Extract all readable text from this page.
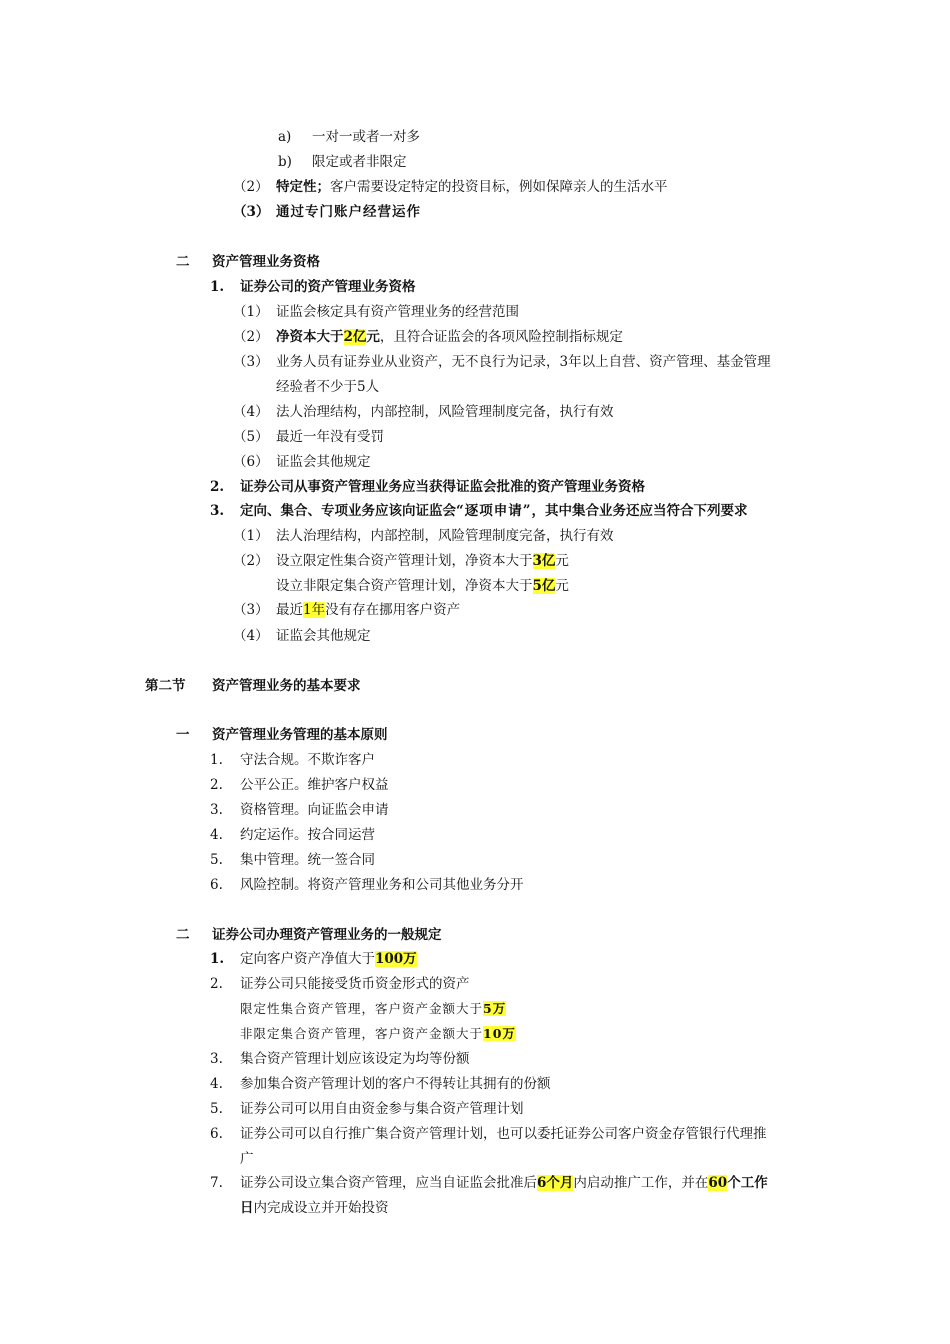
a) 一对一或者一对多
b) 限定或者非限定
（2） 特定性；客户需要设定特定的投资目标，例如保障亲人的生活水平
（3） 通过专门账户经营运作
二 资产管理业务资格
1. 证券公司的资产管理业务资格
（1） 证监会核定具有资产管理业务的经营范围
（2） 净资本大于2亿元，且符合证监会的各项风险控制指标规定
（3） 业务人员有证券业从业资产，无不良行为记录，3年以上自营、资产管理、基金管理
经验者不少于5人
（4） 法人治理结构，内部控制，风险管理制度完备，执行有效
（5） 最近一年没有受罚
（6） 证监会其他规定
2. 证券公司从事资产管理业务应当获得证监会批准的资产管理业务资格
3. 定向、集合、专项业务应该向证监会“逐项申请”，其中集合业务还应当符合下列要求
（1） 法人治理结构，内部控制，风险管理制度完备，执行有效
（2） 设立限定性集合资产管理计划，净资本大于3亿元
设立非限定集合资产管理计划，净资本大于5亿元
（3） 最近1年没有存在挪用客户资产
（4） 证监会其他规定
第二节 资产管理业务的基本要求
一 资产管理业务管理的基本原则
1. 守法合规。不欺诈客户
2. 公平公正。维护客户权益
3. 资格管理。向证监会申请
4. 约定运作。按合同运营
5. 集中管理。统一签合同
6. 风险控制。将资产管理业务和公司其他业务分开
二 证券公司办理资产管理业务的一般规定
1. 定向客户资产净值大于100万
2. 证券公司只能接受货币资金形式的资产
限定性集合资产管理，客户资产金额大于5万
非限定集合资产管理，客户资产金额大于10万
3. 集合资产管理计划应该设定为均等份额
4. 参加集合资产管理计划的客户不得转让其拥有的份额
5. 证券公司可以用自由资金参与集合资产管理计划
6. 证券公司可以自行推广集合资产管理计划，也可以委托证券公司客户资金存管银行代理推
广
7. 证券公司设立集合资产管理，应当自证监会批准后6个月内启动推广工作，并在60个工作
日内完成设立并开始投资
